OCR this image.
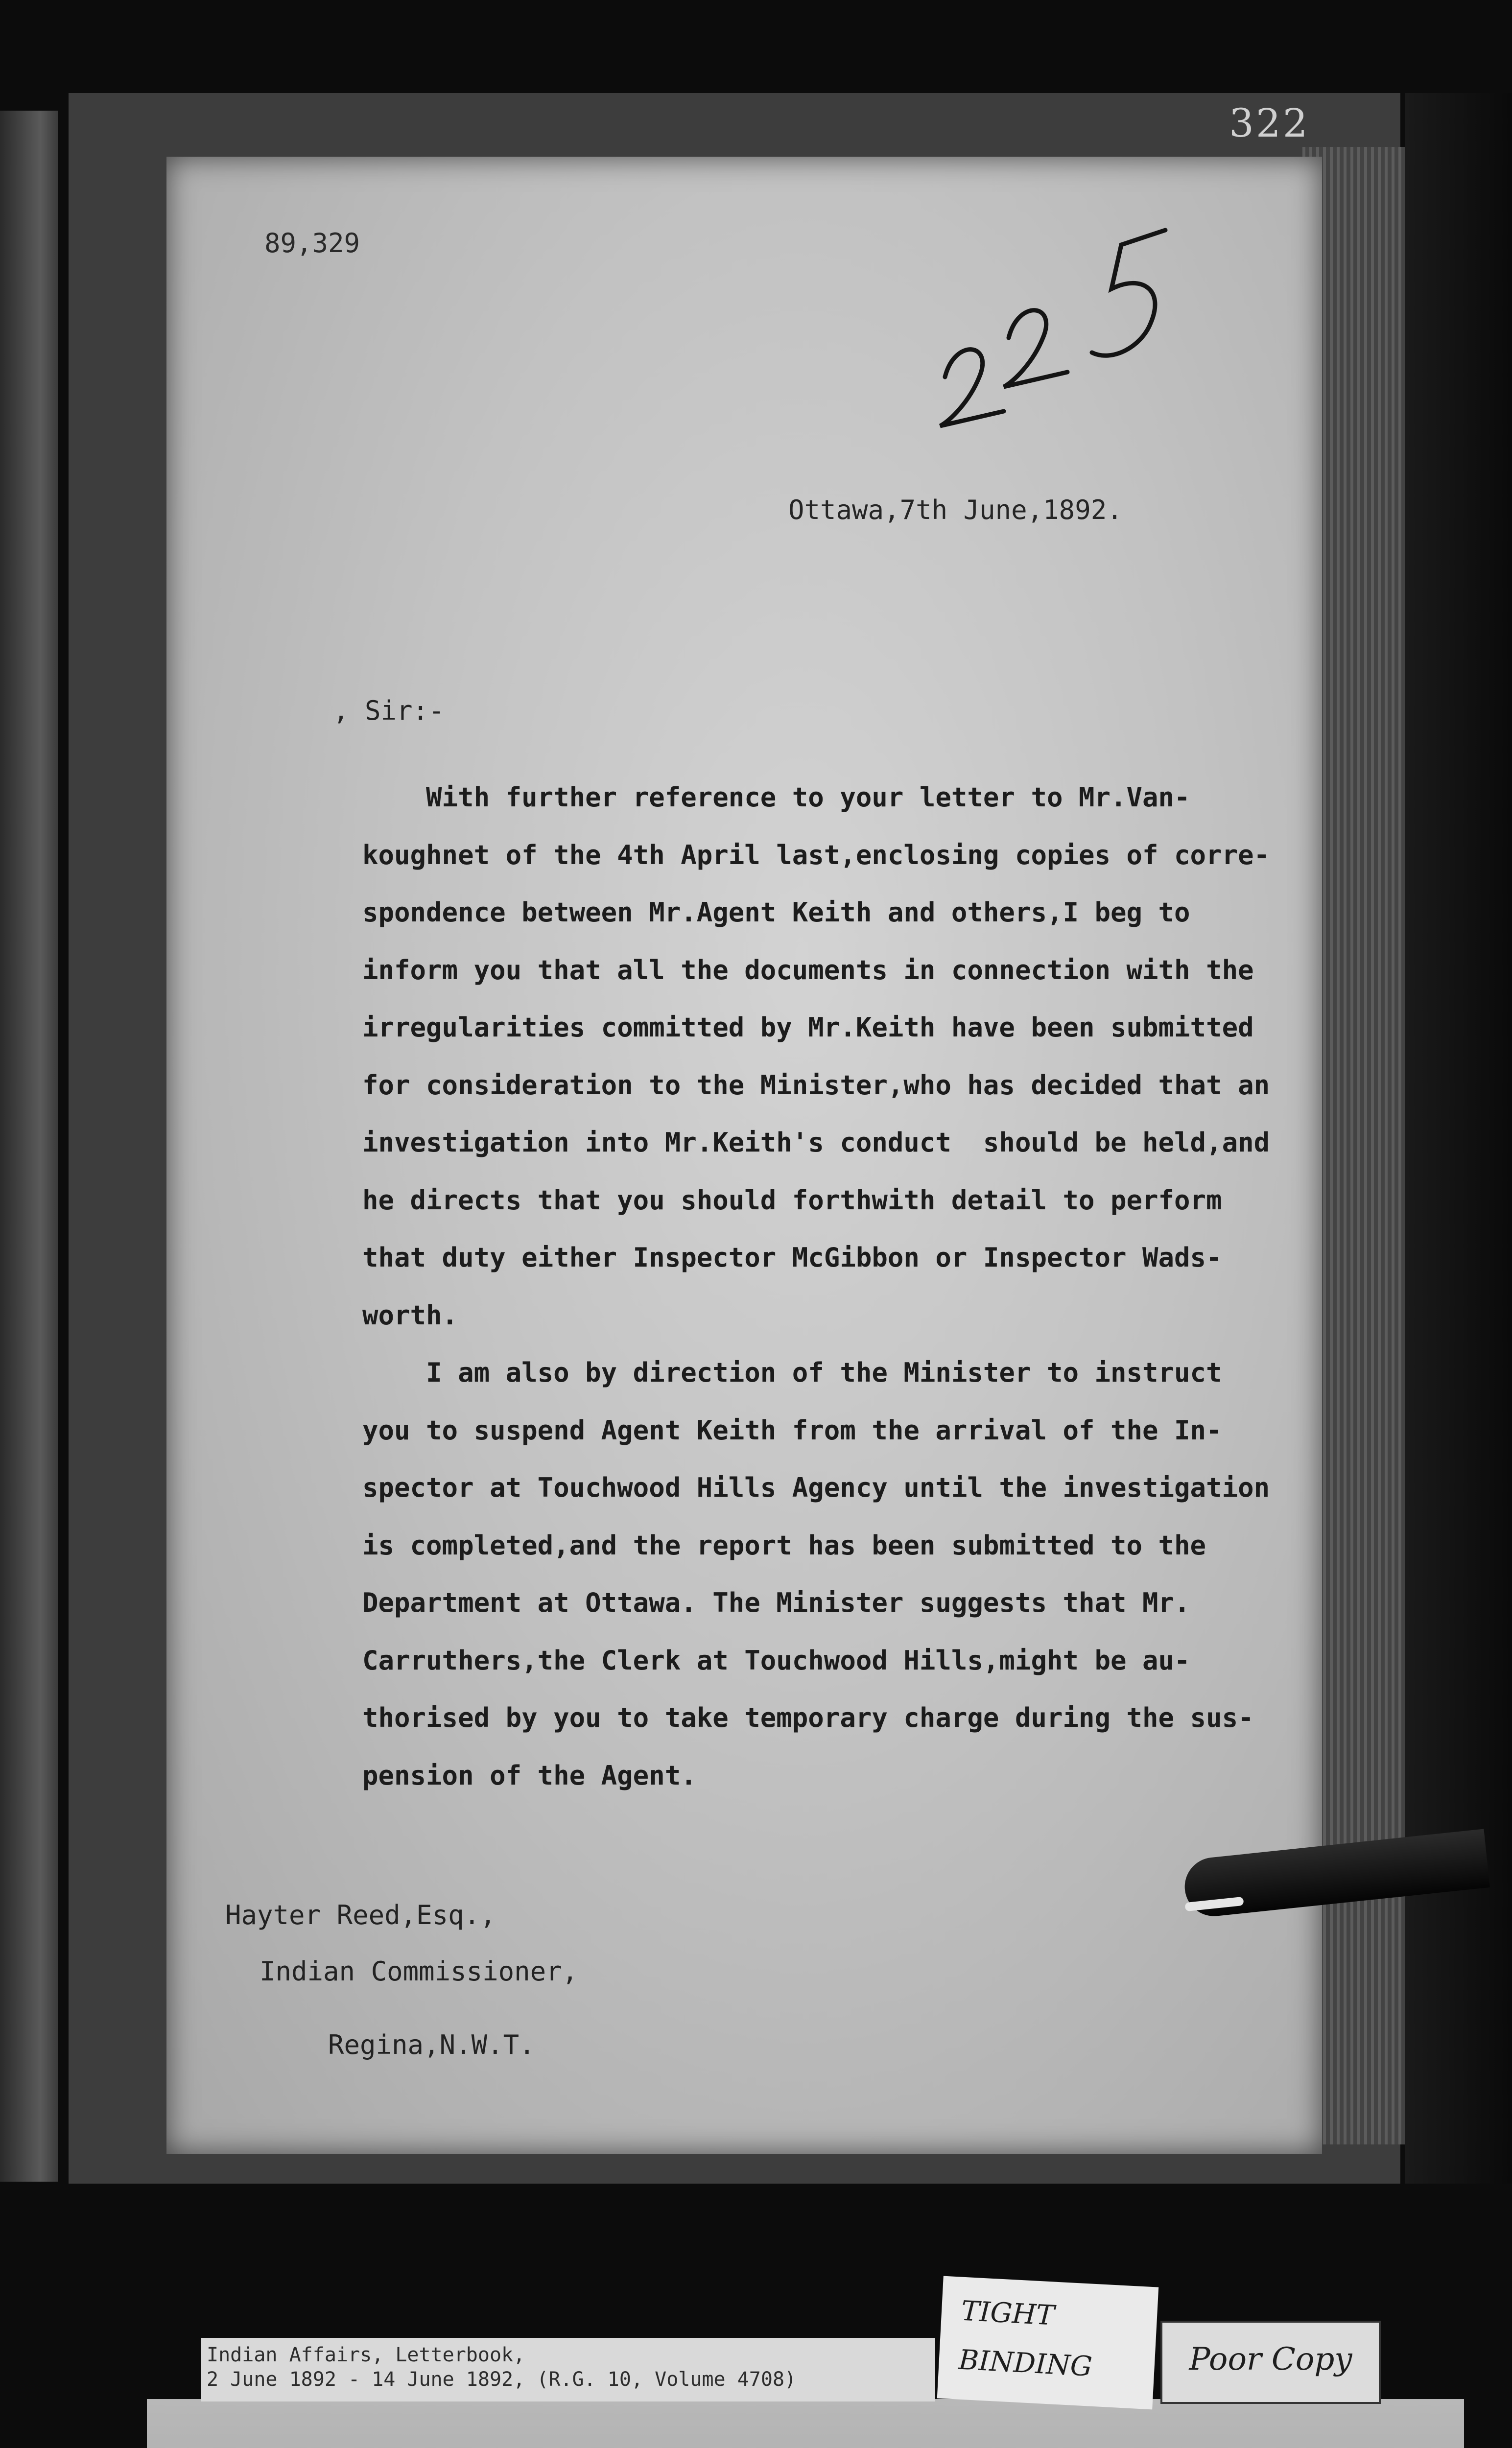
322
89,329
Ottawa,7th June,1892.
, Sir:-
With further reference to your letter to Mr.Van-
koughnet of the 4th April last,enclosing copies of corre-
spondence between Mr.Agent Keith and others,I beg to
inform you that all the documents in connection with the
irregularities committed by Mr.Keith have been submitted
for consideration to the Minister,who has decided that an
investigation into Mr.Keith's conduct  should be held,and
he directs that you should forthwith detail to perform
that duty either Inspector McGibbon or Inspector Wads-
worth.
I am also by direction of the Minister to instruct
you to suspend Agent Keith from the arrival of the In-
spector at Touchwood Hills Agency until the investigation
is completed,and the report has been submitted to the
Department at Ottawa. The Minister suggests that Mr.
Carruthers,the Clerk at Touchwood Hills,might be au-
thorised by you to take temporary charge during the sus-
pension of the Agent.
Hayter Reed,Esq.,
Indian Commissioner,
Regina,N.W.T.
Indian Affairs, Letterbook,
2 June 1892 - 14 June 1892, (R.G. 10, Volume 4708)
TIGHT
BINDING	Poor Copy
